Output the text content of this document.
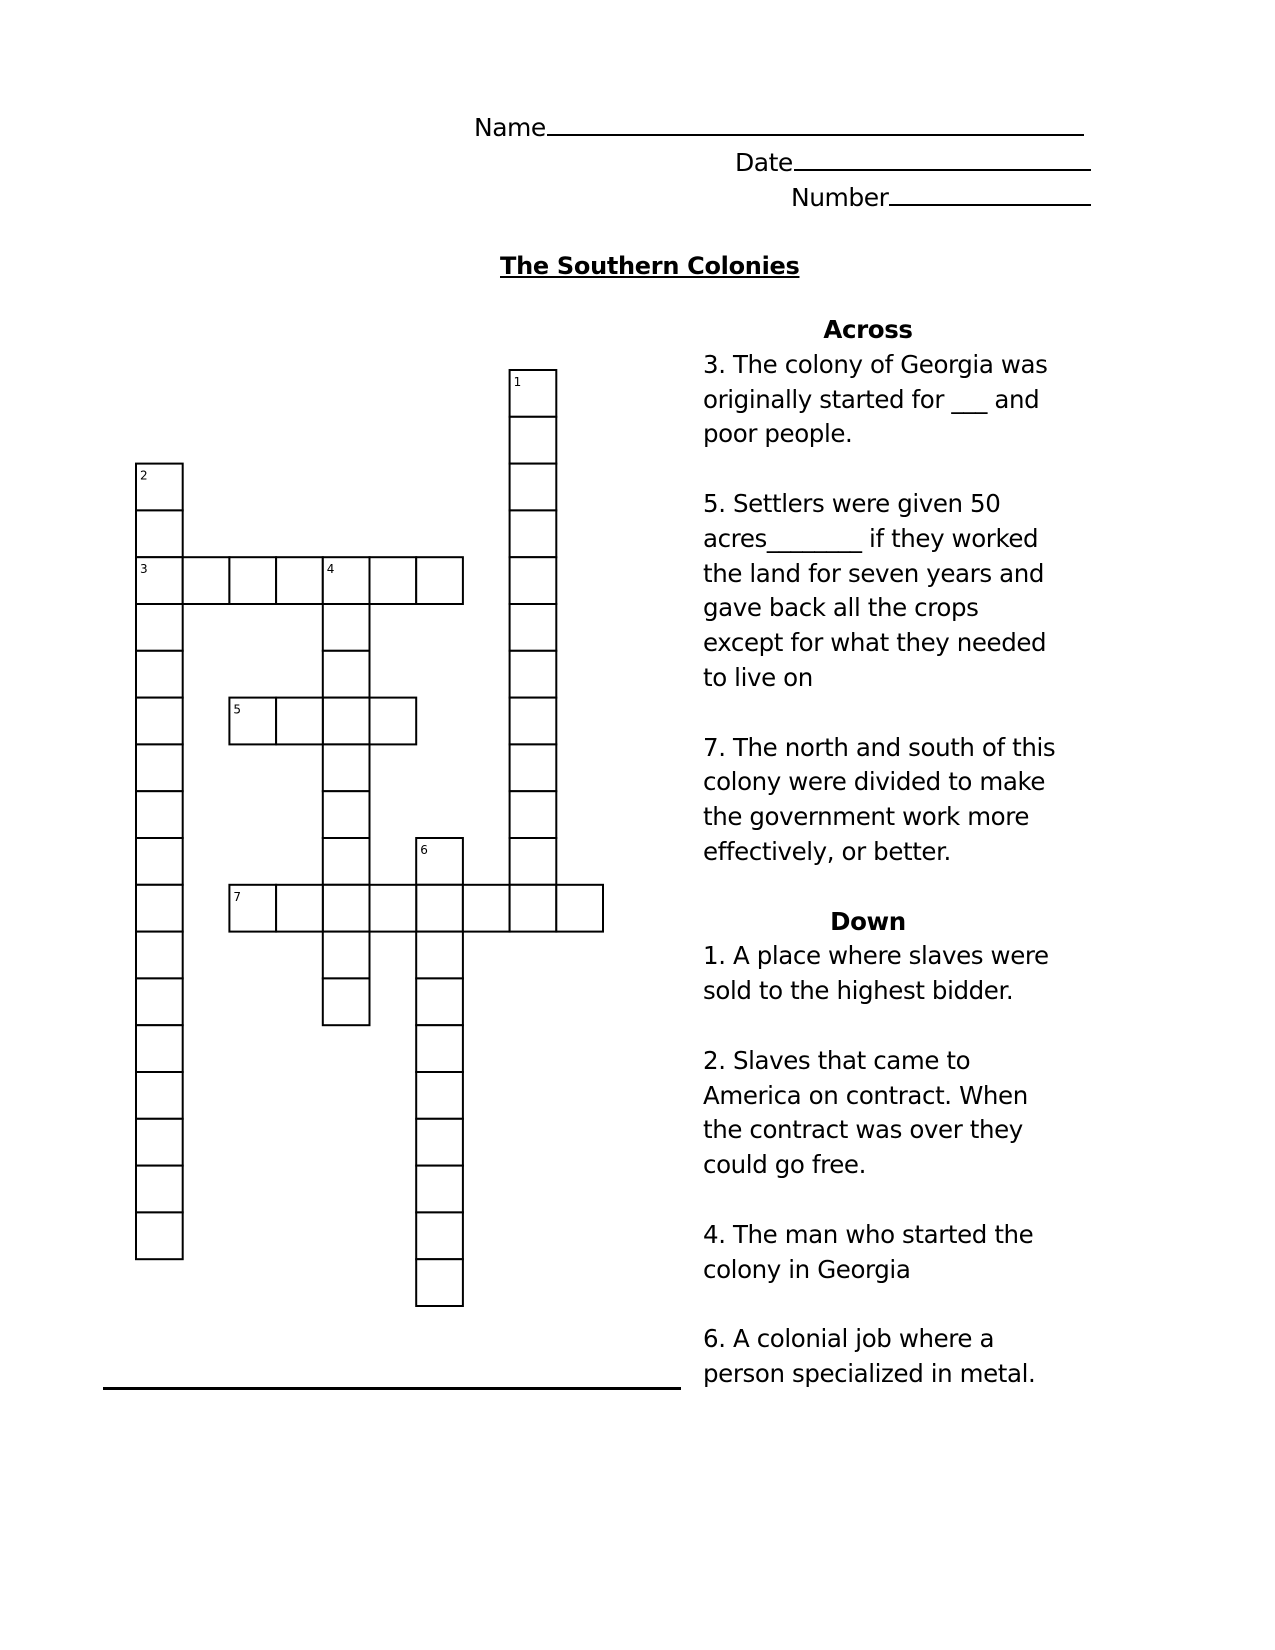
Name
Date
Number
The Southern Colonies
1
2
3	4
5
6
7
Across
3. The colony of Georgia was originally started for ___ and poor people.
5. Settlers were given 50 acres________ if they worked the land for seven years and gave back all the crops except for what they needed to live on
7. The north and south of this colony were divided to make the government work more effectively, or better.
Down
1. A place where slaves were sold to the highest bidder.
2. Slaves that came to America on contract. When the contract was over they could go free.
4. The man who started the colony in Georgia
6. A colonial job where a person specialized in metal.
